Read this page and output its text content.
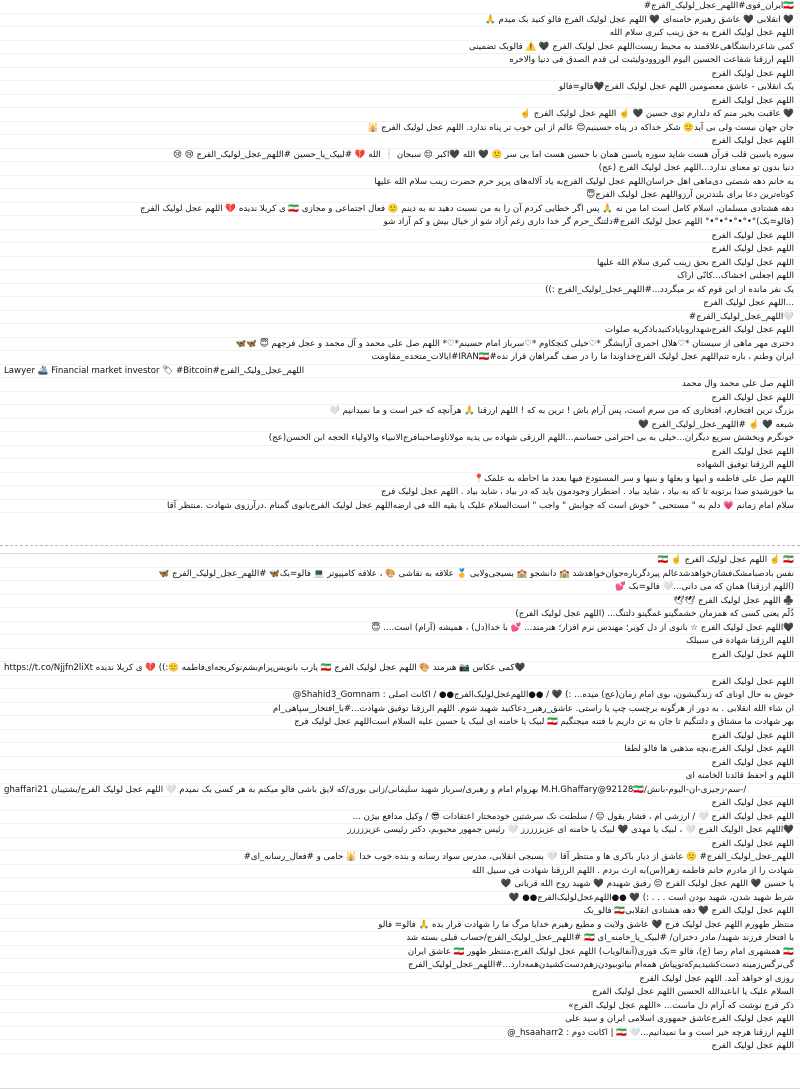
🇮🇷ایران_قوی#اللهم_عجل_لولیک_الفرج#
🖤 انقلابی 🖤 عاشق رهبرم خامنه‌ای 🖤 اللهم عجل لولیک الفرج فالو کنید بک میدم 🙏
اللهم عجل لولیک الفرج به حق زینب کبری سلام الله
کمی شاعر‌دانشگاهی‌علاقمند به محیط زیست‌اللهم عجل لولیک الفرج 🖤 ⚠️ فالوبک تضمینی
اللهم ارزقنا شفاعت الحسین الیوم الوروودولیثبت لی قدم الصدق فی دنیا والاخره
اللهم عجل لولیک الفرج
یک انقلابی - عاشق معصومین اللهم عجل لولیک الفرج🖤فالو=فالو
اللهم عجل لولیک الفرج
🖤 عاقبت بخیر منم که دلدارم توی حسین 🖤 ☝️ اللهم عجل لولیک الفرج ☝️
جان جهان نیست ولی بی آید🙂 شکر خداکه در پناه حسینیم😊 عالم از این خوب تر پناه ندارد. اللهم عجل لولیک الفرج 🕌
اللهم عجل لولیک الفرج
سوره یاسین قلب قرآن هست شاید سوره یاسین همان با حسین هست اما بی سر 🙁 🖤 الله 🖤اکبر 😔 سبحان ❕ الله 💔 #لبیک_یا_حسین #اللهم_عجل_لولیک_الفرج 😢 😢
دنیا بدون تو معنای ندارد...اللهم عجل لولیک الفرج (عج)
به خانم دهه شصتی دی‌ماهی اهل خراسان‌اللهم عجل لولیک الفرج‌به یاد آلاله‌های پرپر حرم حضرت زینب سلام الله علیها
کوتاه‌ترین دعا برای بلندترین آرزواللهم عجل لولیک الفرج😇
دهه هشتادی مسلمان، اسلام کامل است اما من نه 🙏 پس اگر خطایی کردم آن را به من نسبت دهید نه به دینم 🙂 فعال اجتماعی و مجازی 🇮🇷 ی کربلا ندیده 💔 اللهم عجل لولیک الفرج
(فالو=بک)°•°•°•°•°•° اللهم عجل لولیک الفرج#دلتنگ_حرم گر خدا داری زغم آزاد شو از خیال بیش و کم آزاد شو
اللهم عجل لولیک الفرج
اللهم عجل لولیک الفرج
اللهم عجل لولیک الفرج بحق زینب کبری سلام الله علیها
اللهم اجعلنی اخشاک...کانّی اراک
یک نفر مانده از این قوم که بر میگردد...#اللهم_عجل_لولیک_الفرج :))
...اللهم عجل لولیک الفرج
🤍اللهم_عجل_لولیک_الفرج#
اللهم عجل لولیک الفرج‌شهداروبا‌یادکنید‌باذکر‌یه صلوات
دختری مهر ماهی از سیستان *♡هلال احمری آرایشگر *♡خیلی کنجکاوم *♡سرباز امام حسینم*♡* اللهم صل علی محمد و آل محمد و عجل فرجهم 😇 🦋🦋
ایران وطنم ، باره تنم‌اللهم عجل لولیک الفرج‌خداوندا ما را در صف گمراهان قرار نده#IRAN🇮🇷#ایالات_متحده_مقاومت
Lawyer 🚢 Financial market investor 🏷 #Bitcoin#اللهم_عجل_ولیک_الفرج
اللهم صل علی محمد وال محمد
اللهم عجل لولیک الفرج
بزرگ ترین افتخارم، افتخاری که من سرم‌ است، پس آرام باش ! ترین به که ! اللهم ارزقنا 🙏 هرآنچه که خیر است و ما نمیدانیم 🤍
شیعه 🖤 ☝️ #اللهم_عجل_لولیک_الفرج 🖤
خونگرم وبخشش سریع دیگران...خیلی به بی احترامی حساسم...اللهم الرزقی شهاده بی یدیه مولاناوصاحبنا‌فرج‌الانبیاء والاولیاء الحجه ابن الحسن(عج)
اللهم عجل لولیک الفرج
اللهم الرزقنا توفیق الشهاده
اللهم صل علی فاطمه و ابیها و بعلها و بنیها و سر المستودع فیها بعدد ما احاطه به علمک📍
بیا خورشیدو صدا برتوبه تا که به بیاد ، شاید بیاد . اضطرار وجودمون باید که در بیاد ، شاید بیاد . اللهم عجل لولیک فرج
سلام امام زمانم 💗 دلم به " مستحبی " خوش است که جوابش " واجب " است‌السلام علیک یا بقیه الله فی ارضه‌اللهم عجل لولیک الفرج‌بانوی گمنام .درآرزوی شهادت .منتظر آقا
🇮🇷 ☝️ اللهم عجل لولیک الفرج ☝️ 🇮🇷
نفس بادصبامشک‌فشان‌خواهدشدعالم پیردگرباره‌جوان‌خواهدشد 🏫 دانشجو 🏫 بسیجی‌ولایی 🥇 علاقه به نقاشی 🎨 ، علاقه کامپیوتر 💻 فالو=بک🦋 #اللهم_عجل_لولیک_الفرج 🦋
(اللهم ارزقنا) همان که می دانی...🤍 فالو=بک 💕
♣️ اللهم عجل لولیک الفرج 🕊🕊
ذُلّم یعنی کسی که همزمان خشمگینو غمگینو دلتنگ... (اللهم عجل لولیک الفرج)
🖤اللهم عجل لولیک الفرج ☆ بانوی از دل کویر؛ مهندس نرم افزار؛ هنرمند... 💕 با خدا(دل) ، همیشه (آرام) است.... 😇
اللهم الرزقنا شهادة فی سبیلک
اللهم عجل لولیک الفرج
https://t.co/Njjfn2liXt یارب بانویس‌پرام‌بشم‌نوکریجه‌ای‌فاطمه 🙂:)) 💔 ی کربلا ندیده 🇮🇷 کمی عکاس 📷 هنرمند 🎨 اللهم عجل لولیک الفرج🖤
اللهم عجل لولیک الفرج
خوش به حال اونای که زندگیشون، بوی امام زمان(عج) میده... :) 🖤 / ●●اللهم‌عجل‌لولیک‌الفرج●● / اکانت اصلی : Shahid3_Gomnam@
ان شاء الله انقلابی . به دور از هرگونه برچسب چپ یا راستی. عاشق_رهبر_دعاکنید شهید شوم. اللهم الرزقنا توفیق شهادت...#با_افتخار_سپاهی_ام
بهر شهادت ما مشتاق و دلتنگیم تا جان به تن داریم با فتنه میجنگیم 🇮🇷 لبیک یا خامنه ای لبیک یا حسین علیه السلام است‌اللهم عجل لولیک فرج
اللهم عجل لولیک الفرج
اللهم عجل لولیک الفرج،بچه مذهبی ها فالو لطفا
اللهم عجل لولیک الفرج
اللهم و احفظ قائدنا الخامنه ای
ghaffari21 بهروام امام و رهبری/سرباز شهید سلیمانی/زانی بوری/که لایق باشی فالو میکنم به هر کسی بک نمیدم 🤍 اللهم عجل لولیک الفرج/بشتیبان M.H.Ghaffary@92128🇮🇷/سم-زجیری-ان-الیوم-بانش-/
اللهم عجل لولیک الفرج
اللهم عجل لولیک الفرج 🤍 / ارزشی ام ، فشار بقول 😑 / سلطنت تک سرشتین خودمختار اعتقادات 😎 / وکیل مدافع بیژن ...
🖤اللهم عجل الولیک الفرج 🤍 ، لبیک یا مهدی 🖤 لبیک یا خامنه ای عزیززززز 🤍 رئیس جمهور محبوبم، دکتر رئیسی عزیززززز
اللهم عجل لولیک الفرج
اللهم_عجل_لولیک_الفرج# 🙁 عاشق از دیار باکری ها و منتظر آقا 🤍 بسیجی انقلابی، مدرس سواد رسانه و بنده خوب خدا 🕌 حامی و #فعال_رسانه_ای#
شهادت را از مادرم خانم فاطمه زهرا(س)به ارث بردم . اللهم الرزقنا شهادت فی سبیل الله
یا حسین 🖤 اللهم عجل لولیک الفرج 😔 رفیق شهیدم 🖤 شهید روح الله قربانی 🖤
شرط شهید شدن، شهید بودن است . . . :) 🖤 ●●اللهم‌عجل‌لولیک‌الفرج●● 🖤
اللهم عجل لولیک الفرج 🖤 دهه هشتادی انقلابی🇮🇷 فالو_بک
منتظر ظهورم اللهم عجل لولیک فرج 🖤 عاشق ولایت و مطیع رهبرم خدایا مرگ ما را شهادت قرار بده 🙏 فالو= فالو
با افتخار فرزند شهید/ مادر دختران/ #لبیک_یا_خامنه_ای 🇮🇷 #اللهم_عجل_لولیک_الفرج/حساب قبلی بسته شد
🇮🇷 همشهری امام رضا (ع)، فالو =بک فوری(آنفالویاب) اللهم عجل لولیک الفرج،منتظر ظهور 🇮🇷 عاشق ایران
گی‌نرگس‌زمینه‌ دست‌کشیدیم‌که‌تو‌پیاش‌ همه‌ام بیاتوبیودن‌زهم‌دست‌کشیدن‌همه‌دارد...#اللهم_عجل_لولیک_الفرج
روزی او خواهد آمد. اللهم عجل لولیک الفرج
السلام علیک یا اباعبدالله الحسین اللهم عجل لولیک الفرج
ذکر فرج نوشت که آرام دل ماست... «اللهم عجل لولیک الفرج»
اللهم عجل لولیک الفرج‌عاشق جمهوری اسلامی ایران و سید علی
اللهم ارزقنا هرچه خیر است و ما نمیدانیم...🤍 🇮🇷 | اکانت دوم : hsaaharr2_@
اللهم عجل لولیک الفرج
